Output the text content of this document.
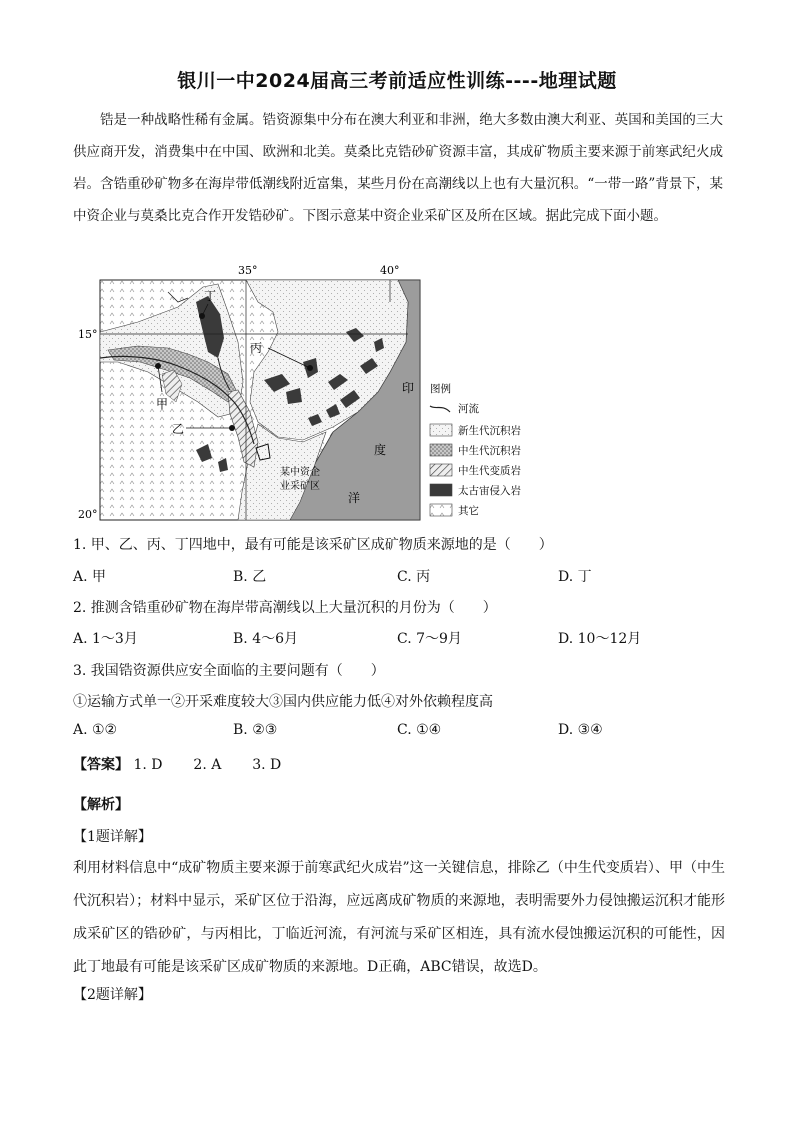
银川一中2024届高三考前适应性训练----地理试题

锆是一种战略性稀有金属。锆资源集中分布在澳大利亚和非洲，绝大多数由澳大利亚、英国和美国的三大供应商开发，消费集中在中国、欧洲和北美。莫桑比克锆砂矿资源丰富，其成矿物质主要来源于前寒武纪火成岩。含锆重砂矿物多在海岸带低潮线附近富集，某些月份在高潮线以上也有大量沉积。“一带一路”背景下，某中资企业与莫桑比克合作开发锆砂矿。下图示意某中资企业采矿区及所在区域。据此完成下面小题。

35°	40°
15°
20°
丁
丙
甲
乙
某中资企
业采矿区
印
度
洋
图例
河流
新生代沉积岩
中生代沉积岩
中生代变质岩
太古宙侵入岩
其它

1. 甲、乙、丙、丁四地中，最有可能是该采矿区成矿物质来源地的是（　　）

A. 甲	B. 乙	C. 丙	D. 丁

2. 推测含锆重砂矿物在海岸带高潮线以上大量沉积的月份为（　　）

A. 1～3月	B. 4～6月	C. 7～9月	D. 10～12月

3. 我国锆资源供应安全面临的主要问题有（　　）

①运输方式单一②开采难度较大③国内供应能力低④对外依赖程度高

A. ①②	B. ②③	C. ①④	D. ③④
【答案】 1. D 2. A 3. D
【解析】
【1题详解】

利用材料信息中“成矿物质主要来源于前寒武纪火成岩”这一关键信息，排除乙（中生代变质岩）、甲（中生代沉积岩）；材料中显示，采矿区位于沿海，应远离成矿物质的来源地，表明需要外力侵蚀搬运沉积才能形成采矿区的锆砂矿，与丙相比，丁临近河流，有河流与采矿区相连，具有流水侵蚀搬运沉积的可能性，因此丁地最有可能是该采矿区成矿物质的来源地。D正确，ABC错误，故选D。

【2题详解】
